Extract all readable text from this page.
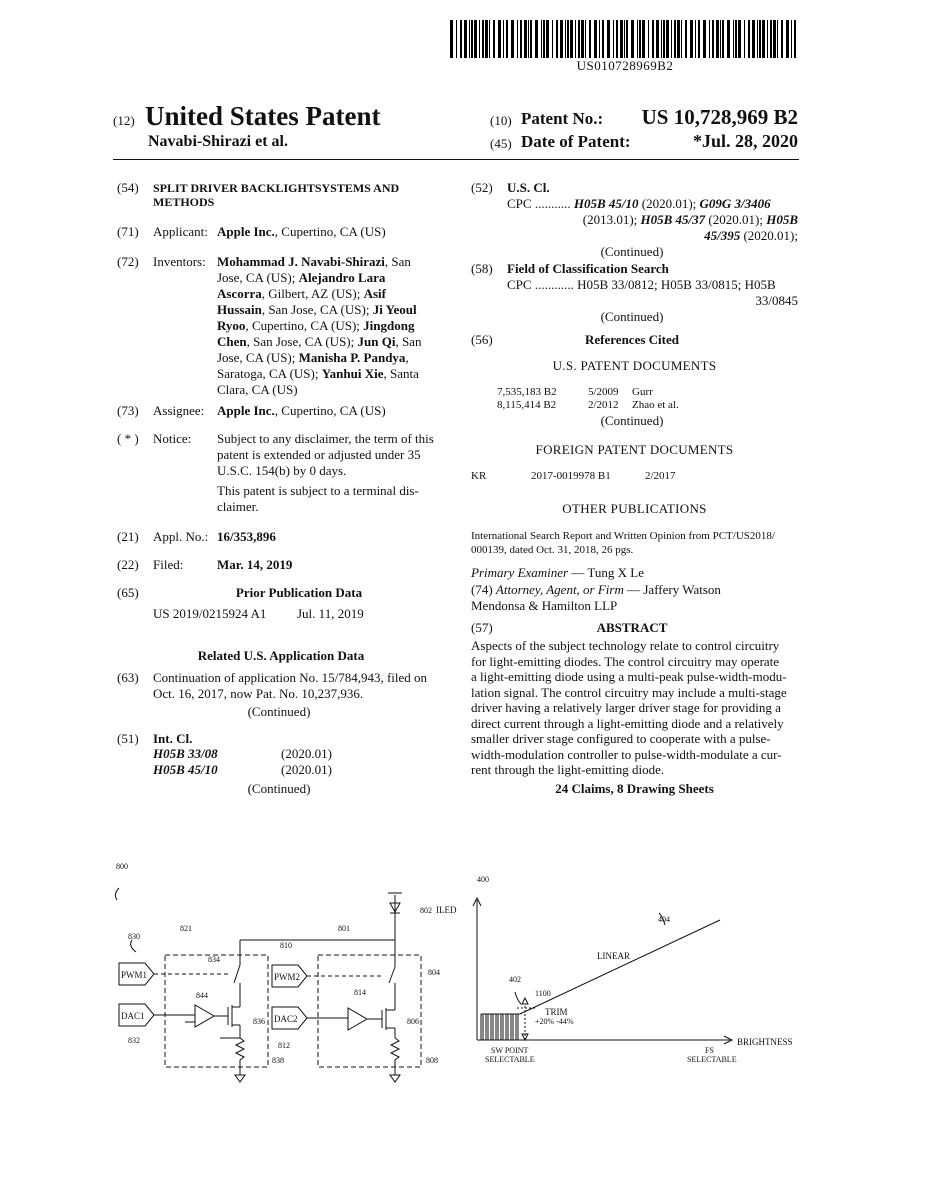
US010728969B2
(12) United States Patent
Navabi-Shirazi et al.
(10) Patent No.:	US 10,728,969 B2
(45) Date of Patent:	*Jul. 28, 2020
(54) SPLIT DRIVER BACKLIGHTSYSTEMS AND
METHODS
(71) Applicant: Apple Inc., Cupertino, CA (US)
(72) Inventors: Mohammad J. Navabi-Shirazi, San
Jose, CA (US); Alejandro Lara
Ascorra, Gilbert, AZ (US); Asif
Hussain, San Jose, CA (US); Ji Yeoul
Ryoo, Cupertino, CA (US); Jingdong
Chen, San Jose, CA (US); Jun Qi, San
Jose, CA (US); Manisha P. Pandya,
Saratoga, CA (US); Yanhui Xie, Santa
Clara, CA (US)
(73) Assignee: Apple Inc., Cupertino, CA (US)
( * ) Notice: Subject to any disclaimer, the term of this
patent is extended or adjusted under 35
U.S.C. 154(b) by 0 days.
This patent is subject to a terminal dis-
claimer.
(21) Appl. No.: 16/353,896
(22) Filed:	Mar. 14, 2019
(65)	Prior Publication Data
US 2019/0215924 A1 Jul. 11, 2019
Related U.S. Application Data
(63) Continuation of application No. 15/784,943, filed on
Oct. 16, 2017, now Pat. No. 10,237,936.
(Continued)
(51) Int. Cl.
H05B 33/08	(2020.01)
H05B 45/10	(2020.01)
(Continued)
(52) U.S. Cl.
CPC ........... H05B 45/10 (2020.01); G09G 3/3406
(2013.01); H05B 45/37 (2020.01); H05B
45/395 (2020.01);
(Continued)
(58) Field of Classification Search
CPC ............ H05B 33/0812; H05B 33/0815; H05B
33/0845
(Continued)
(56)	References Cited
U.S. PATENT DOCUMENTS
7,535,183 B2	5/2009 Gurr
8,115,414 B2	2/2012 Zhao et al.
(Continued)
FOREIGN PATENT DOCUMENTS
KR	2017-0019978 B1	2/2017
OTHER PUBLICATIONS
International Search Report and Written Opinion from PCT/US2018/
000139, dated Oct. 31, 2018, 26 pgs.
Primary Examiner — Tung X Le
(74) Attorney, Agent, or Firm — Jaffery Watson
Mendonsa & Hamilton LLP
(57)	ABSTRACT
Aspects of the subject technology relate to control circuitry
for light-emitting diodes. The control circuitry may operate
a light-emitting diode using a multi-peak pulse-width-modu-
lation signal. The control circuitry may include a multi-stage
driver having a relatively larger driver stage for providing a
direct current through a light-emitting diode and a relatively
smaller driver stage configured to cooperate with a pulse-
width-modulation controller to pulse-width-modulate a cur-
rent through the light-emitting diode.
24 Claims, 8 Drawing Sheets
800
830
832
821	801
810
834
804
844	814
836	806
812
838	808
802 ILED
PWM1
DAC1
PWM2
DAC2
400
404
402
1100
+20% -44%
SW POINT
SELECTABLE
FS
SELECTABLE
LINEAR
TRIM
BRIGHTNESS
